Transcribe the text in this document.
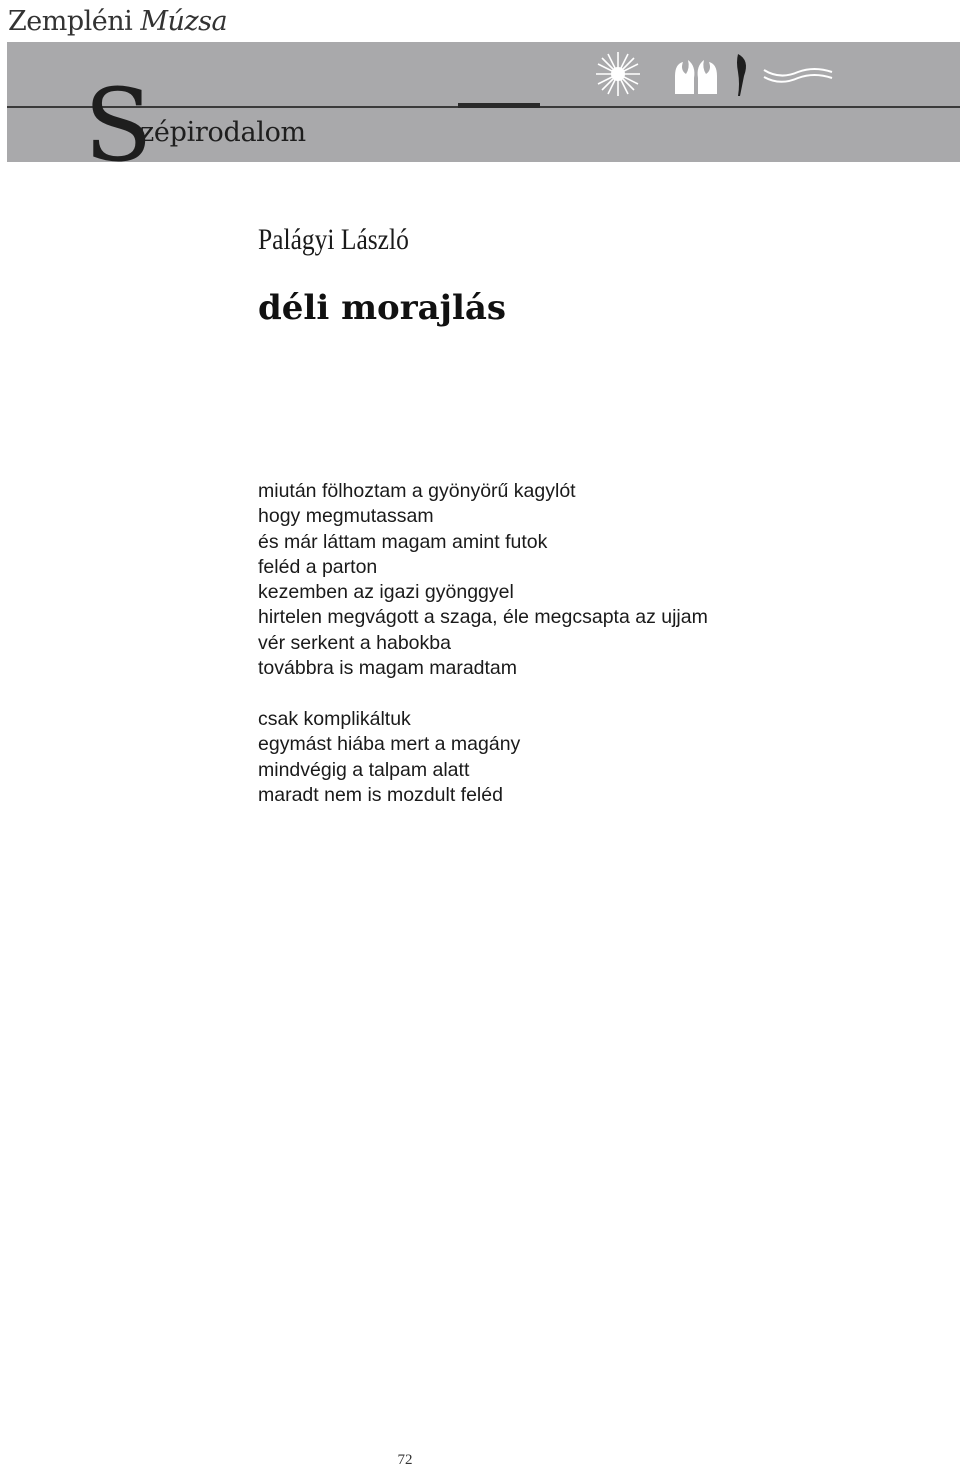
Zempléni Múzsa
S
zépirodalom
Palágyi László
déli morajlás
miután fölhoztam a gyönyörű kagylót
hogy megmutassam
és már láttam magam amint futok
feléd a parton
kezemben az igazi gyönggyel
hirtelen megvágott a szaga, éle megcsapta az ujjam
vér serkent a habokba
továbbra is magam maradtam
csak komplikáltuk
egymást hiába mert a magány
mindvégig a talpam alatt
maradt nem is mozdult feléd
72
